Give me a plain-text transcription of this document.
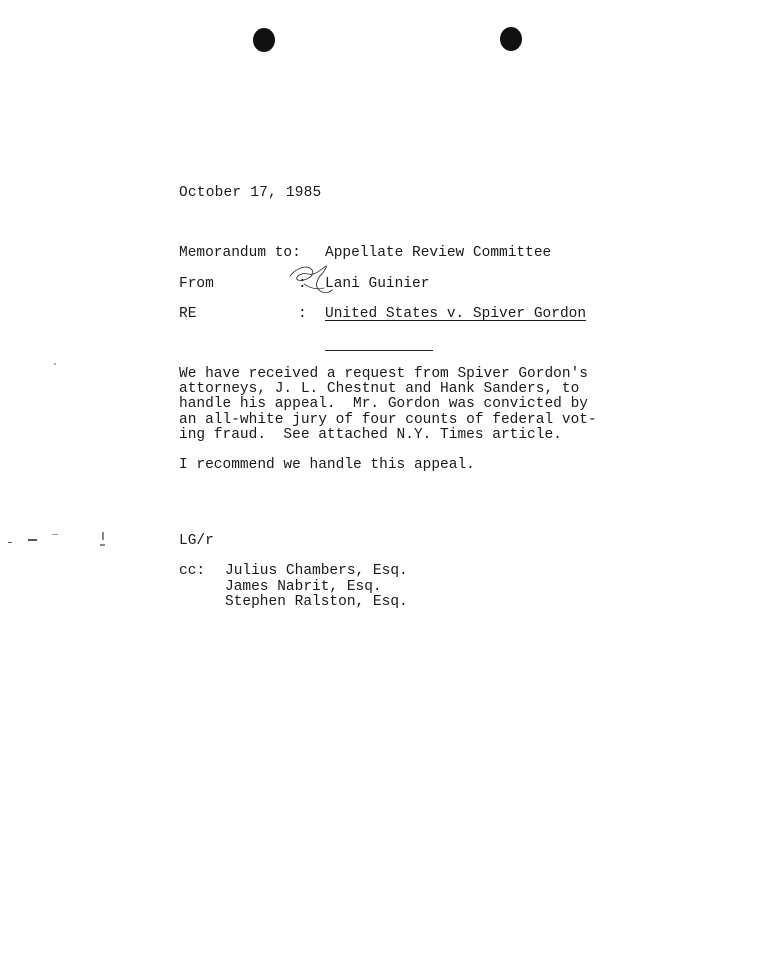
October 17, 1985
Memorandum to: Appellate Review Committee
From	: Lani Guinier
RE	: United States v. Spiver Gordon
We have received a request from Spiver Gordon's
attorneys, J. L. Chestnut and Hank Sanders, to
handle his appeal.  Mr. Gordon was convicted by
an all-white jury of four counts of federal vot-
ing fraud.  See attached N.Y. Times article.
I recommend we handle this appeal.
LG/r
cc: Julius Chambers, Esq.
James Nabrit, Esq.
Stephen Ralston, Esq.
